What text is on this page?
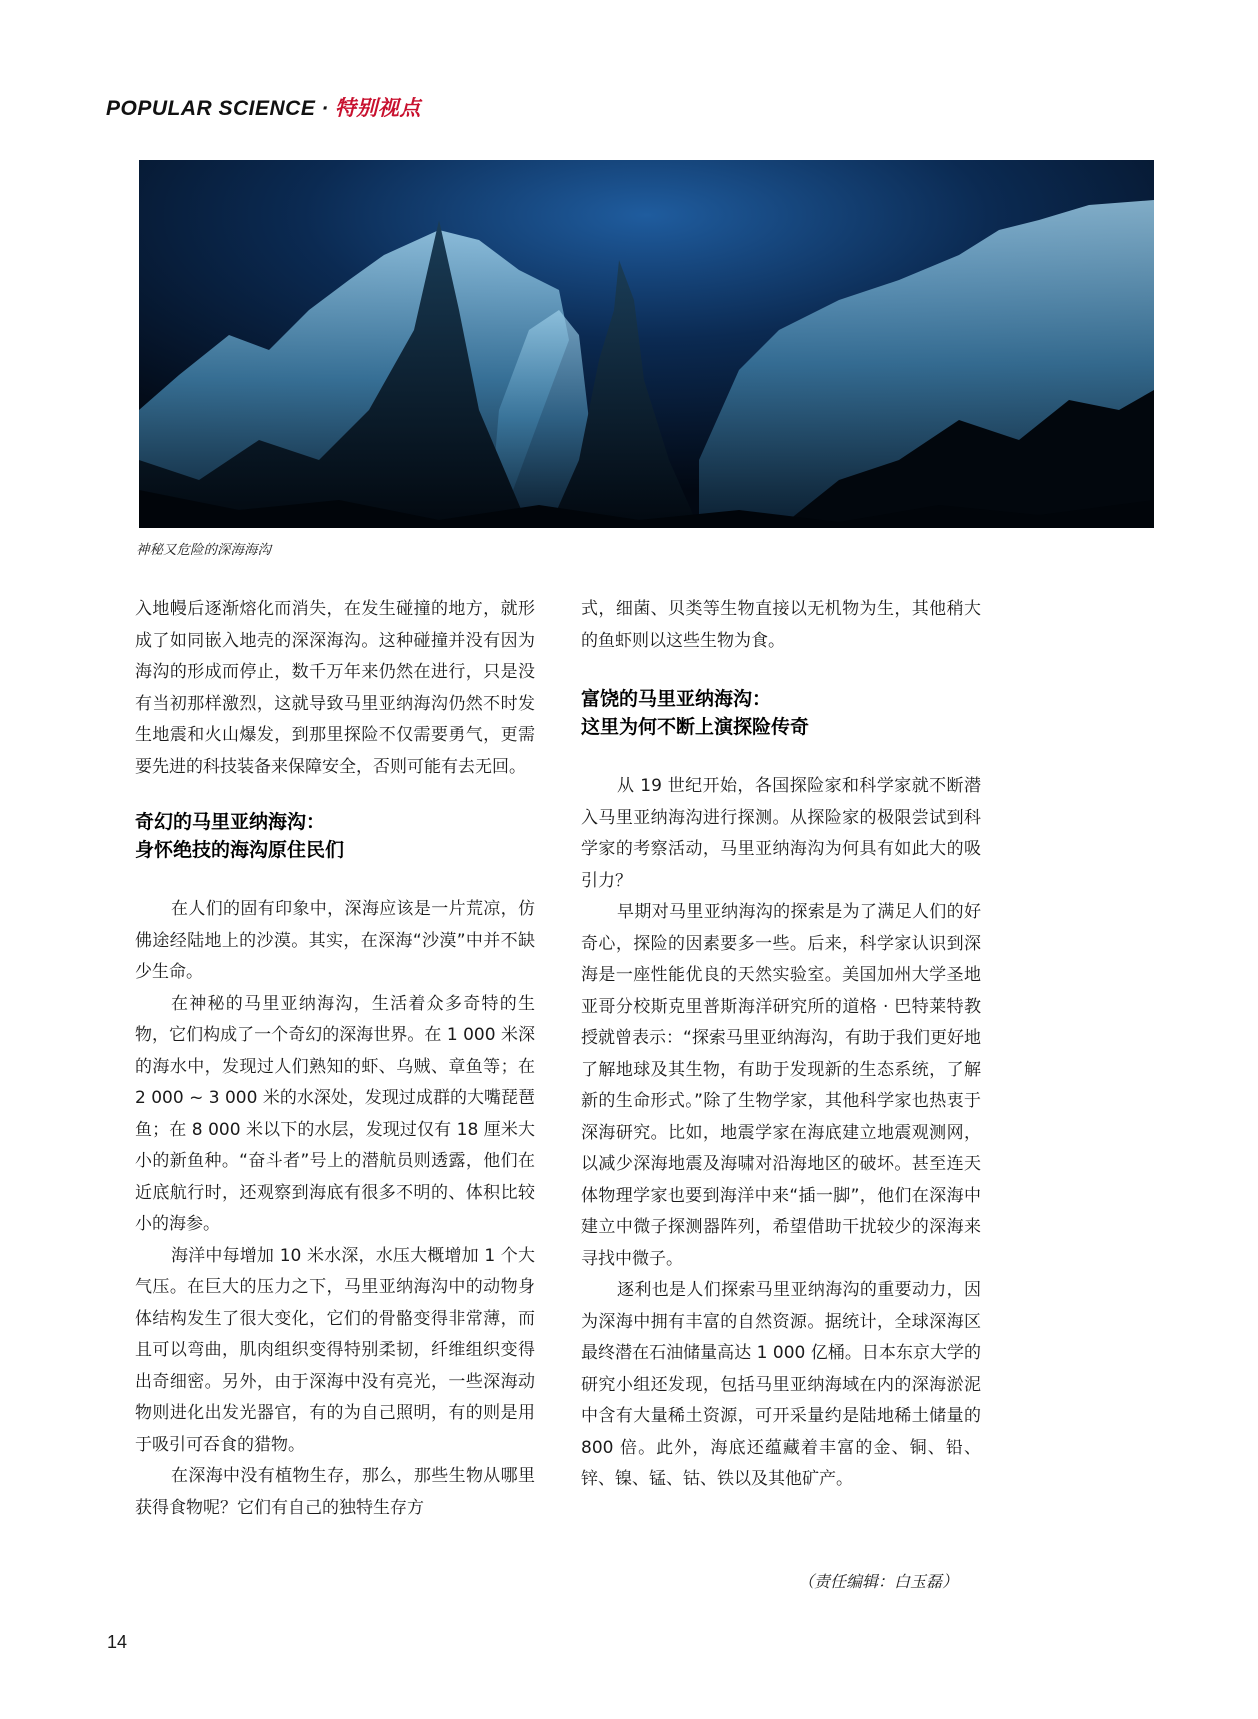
POPULAR SCIENCE · 特别视点
神秘又危险的深海海沟

入地幔后逐渐熔化而消失，在发生碰撞的地方，就形成了如同嵌入地壳的深深海沟。这种碰撞并没有因为海沟的形成而停止，数千万年来仍然在进行，只是没有当初那样激烈，这就导致马里亚纳海沟仍然不时发生地震和火山爆发，到那里探险不仅需要勇气，更需要先进的科技装备来保障安全，否则可能有去无回。

奇幻的马里亚纳海沟：

身怀绝技的海沟原住民们

在人们的固有印象中，深海应该是一片荒凉，仿佛途经陆地上的沙漠。其实，在深海“沙漠”中并不缺少生命。

在神秘的马里亚纳海沟，生活着众多奇特的生物，它们构成了一个奇幻的深海世界。在 1 000 米深的海水中，发现过人们熟知的虾、乌贼、章鱼等；在 2 000 ~ 3 000 米的水深处，发现过成群的大嘴琵琶鱼；在 8 000 米以下的水层，发现过仅有 18 厘米大小的新鱼种。“奋斗者”号上的潜航员则透露，他们在近底航行时，还观察到海底有很多不明的、体积比较小的海参。

海洋中每增加 10 米水深，水压大概增加 1 个大气压。在巨大的压力之下，马里亚纳海沟中的动物身体结构发生了很大变化，它们的骨骼变得非常薄，而且可以弯曲，肌肉组织变得特别柔韧，纤维组织变得出奇细密。另外，由于深海中没有亮光，一些深海动物则进化出发光器官，有的为自己照明，有的则是用于吸引可吞食的猎物。

在深海中没有植物生存，那么，那些生物从哪里获得食物呢？它们有自己的独特生存方

式，细菌、贝类等生物直接以无机物为生，其他稍大的鱼虾则以这些生物为食。

富饶的马里亚纳海沟：

这里为何不断上演探险传奇

从 19 世纪开始，各国探险家和科学家就不断潜入马里亚纳海沟进行探测。从探险家的极限尝试到科学家的考察活动，马里亚纳海沟为何具有如此大的吸引力？

早期对马里亚纳海沟的探索是为了满足人们的好奇心，探险的因素要多一些。后来，科学家认识到深海是一座性能优良的天然实验室。美国加州大学圣地亚哥分校斯克里普斯海洋研究所的道格 · 巴特莱特教授就曾表示：“探索马里亚纳海沟，有助于我们更好地了解地球及其生物，有助于发现新的生态系统，了解新的生命形式。”除了生物学家，其他科学家也热衷于深海研究。比如，地震学家在海底建立地震观测网，以减少深海地震及海啸对沿海地区的破坏。甚至连天体物理学家也要到海洋中来“插一脚”，他们在深海中建立中微子探测器阵列，希望借助干扰较少的深海来寻找中微子。

逐利也是人们探索马里亚纳海沟的重要动力，因为深海中拥有丰富的自然资源。据统计，全球深海区最终潜在石油储量高达 1 000 亿桶。日本东京大学的研究小组还发现，包括马里亚纳海域在内的深海淤泥中含有大量稀土资源，可开采量约是陆地稀土储量的 800 倍。此外，海底还蕴藏着丰富的金、铜、铅、锌、镍、锰、钴、铁以及其他矿产。

（责任编辑：白玉磊）
14
